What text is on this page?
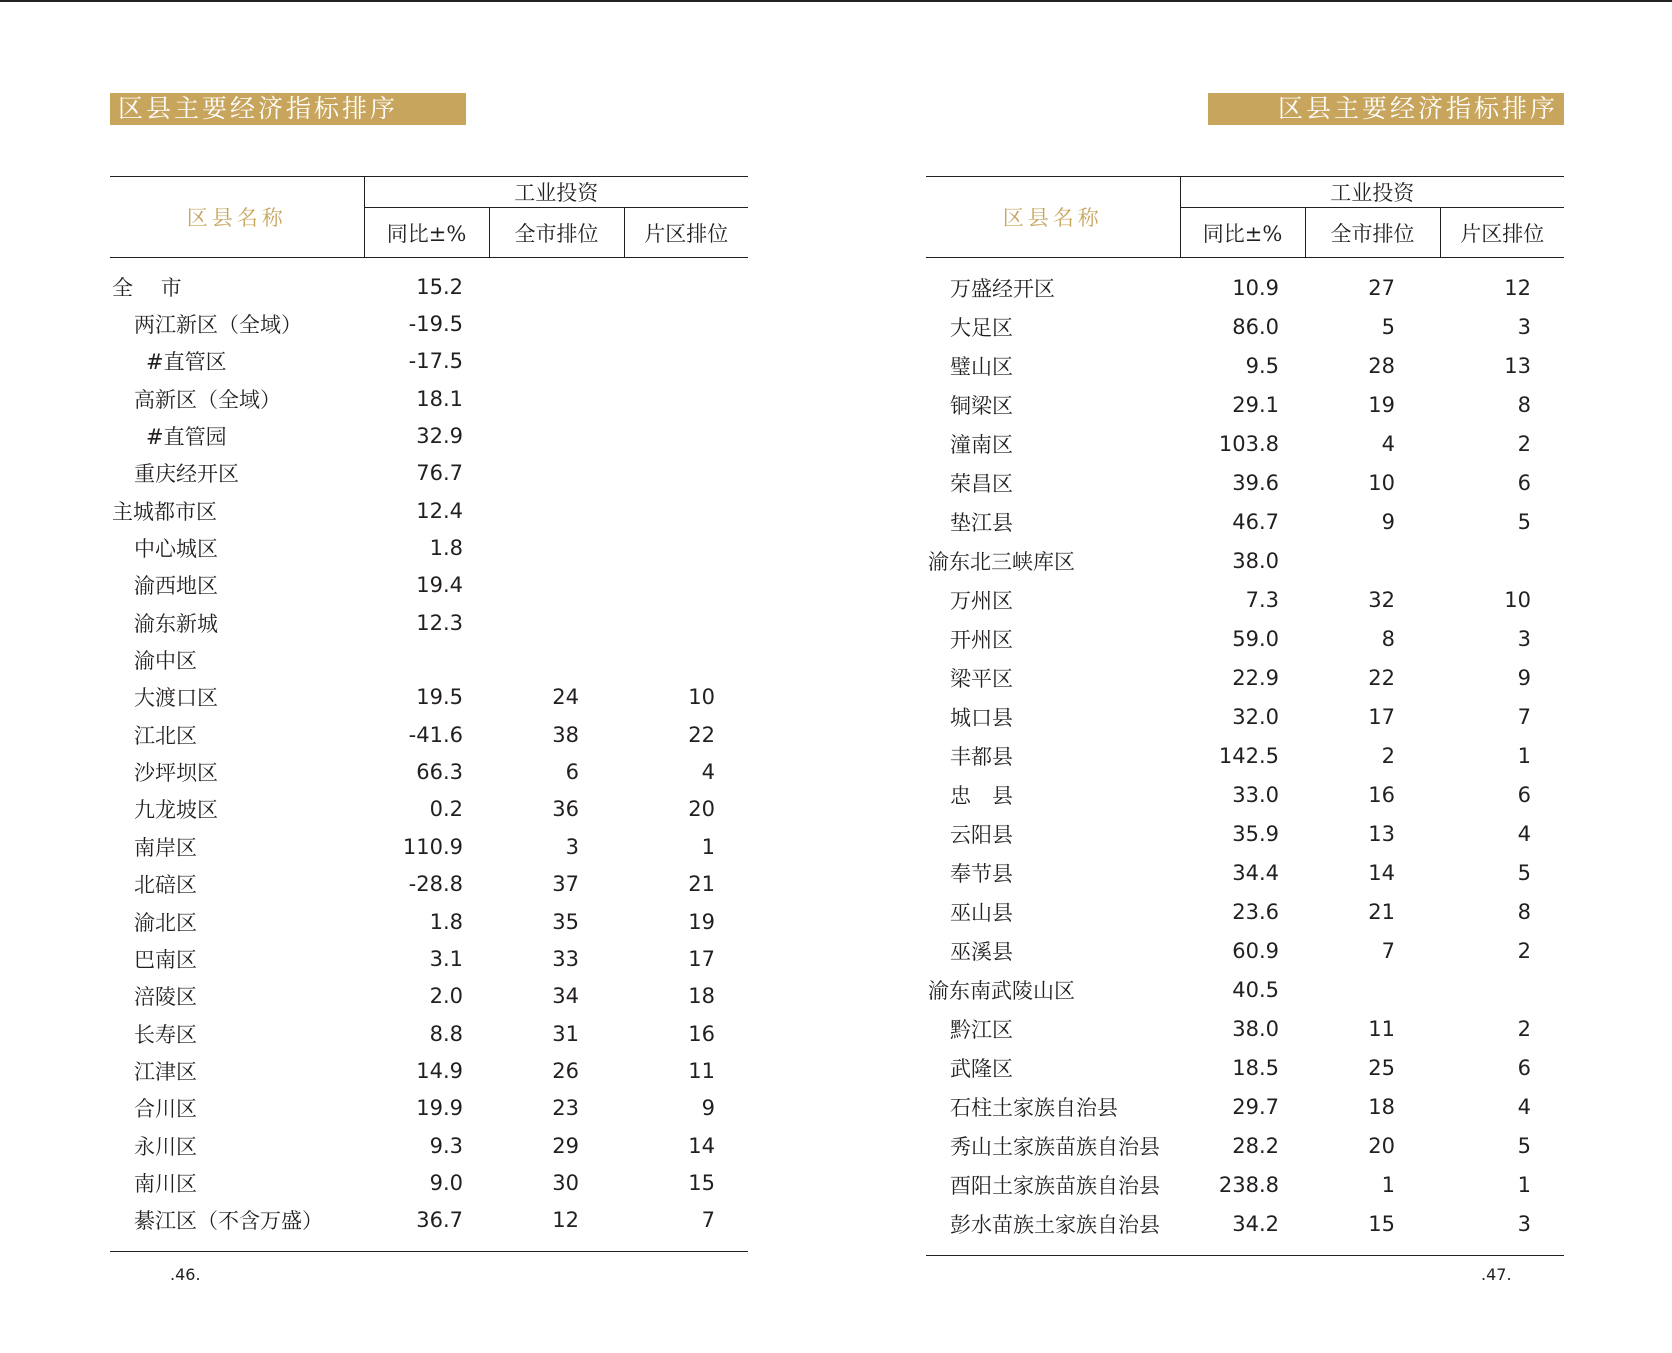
区县主要经济指标排序
区县名称	工业投资		
	同比±%	全市排位	片区排位
全　 市	15.2		
两江新区（全域）	-19.5		
#直管区	-17.5		
高新区（全域）	18.1		
#直管园	32.9		
重庆经开区	76.7		
主城都市区	12.4		
中心城区	1.8		
渝西地区	19.4		
渝东新城	12.3		
渝中区			
大渡口区	19.5	24	10
江北区	-41.6	38	22
沙坪坝区	66.3	6	4
九龙坡区	0.2	36	20
南岸区	110.9	3	1
北碚区	-28.8	37	21
渝北区	1.8	35	19
巴南区	3.1	33	17
涪陵区	2.0	34	18
长寿区	8.8	31	16
江津区	14.9	26	11
合川区	19.9	23	9
永川区	9.3	29	14
南川区	9.0	30	15
綦江区（不含万盛）	36.7	12	7
.46.
区县主要经济指标排序
区县名称	工业投资		
	同比±%	全市排位	片区排位
万盛经开区	10.9	27	12
大足区	86.0	5	3
璧山区	9.5	28	13
铜梁区	29.1	19	8
潼南区	103.8	4	2
荣昌区	39.6	10	6
垫江县	46.7	9	5
渝东北三峡库区	38.0		
万州区	7.3	32	10
开州区	59.0	8	3
梁平区	22.9	22	9
城口县	32.0	17	7
丰都县	142.5	2	1
忠　县	33.0	16	6
云阳县	35.9	13	4
奉节县	34.4	14	5
巫山县	23.6	21	8
巫溪县	60.9	7	2
渝东南武陵山区	40.5		
黔江区	38.0	11	2
武隆区	18.5	25	6
石柱土家族自治县	29.7	18	4
秀山土家族苗族自治县	28.2	20	5
酉阳土家族苗族自治县	238.8	1	1
彭水苗族土家族自治县	34.2	15	3
.47.
